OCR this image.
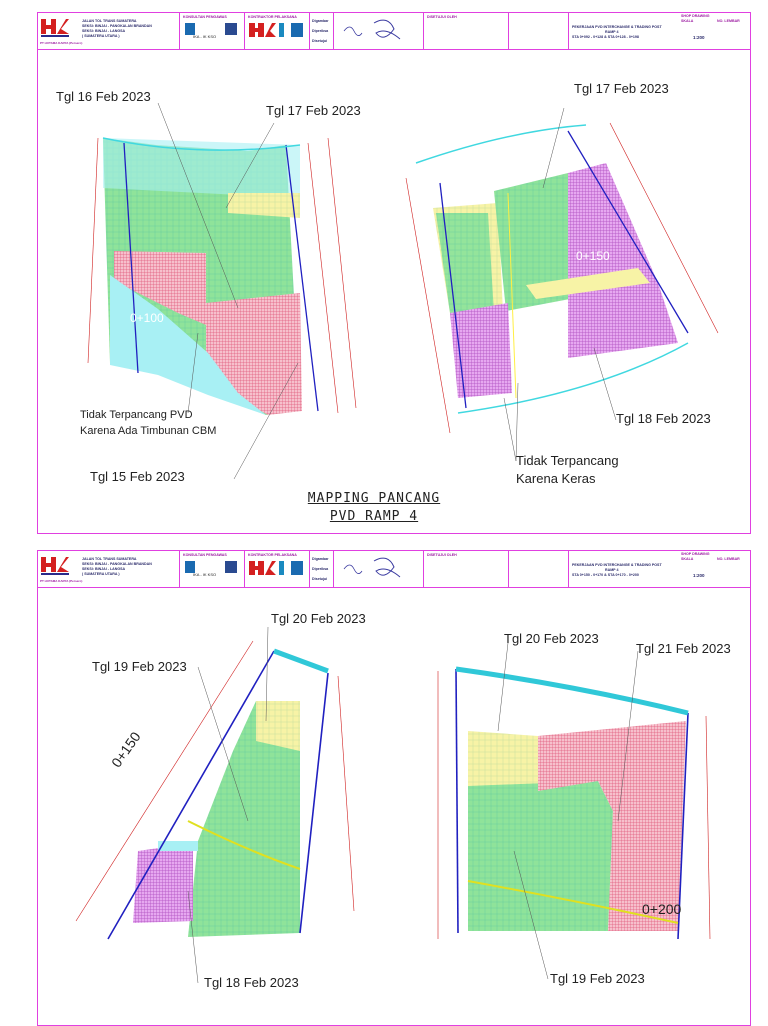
PT HUTAMA KARYA (Persero)
JALAN TOL TRANS SUMATERA
SEKSI: BINJAI - PANGKALAN BRANDAN
SEKSI: BINJAI - LANGSA
( SUMATERA UTARA )
KONSULTAN PENGAWAS
IKA - IK KSO
KONTRAKTOR PELAKSANA
Digambar
Diperiksa
Disetujui
DISETUJUI OLEH	SHOP DRAWING
PEKERJAAN PVD INTERCHANGE & TRADING POST
RAMP 4
STA 0+092 - 0+128 & STA 0+128 - 0+198
SKALA
1:200
NO. LEMBAR
Tgl 16 Feb 2023
Tgl 17 Feb 2023
Tgl 17 Feb 2023
Tgl 18 Feb 2023
Tgl 15 Feb 2023
Tidak Terpancang PVD
Karena Ada Timbunan CBM
Tidak Terpancang
Karena Keras
0+100
0+150
MAPPING PANCANG
PVD RAMP 4
PT HUTAMA KARYA (Persero)
JALAN TOL TRANS SUMATERA
SEKSI: BINJAI - PANGKALAN BRANDAN
SEKSI: BINJAI - LANGSA
( SUMATERA UTARA )
KONSULTAN PENGAWAS
IKA - IK KSO
KONTRAKTOR PELAKSANA
Digambar
Diperiksa
Disetujui
DISETUJUI OLEH	SHOP DRAWING
PEKERJAAN PVD INTERCHANGE & TRADING POST
RAMP 4
STA 0+150 - 0+170 & STA 0+170 - 0+200
SKALA
1:200
NO. LEMBAR
Tgl 20 Feb 2023
Tgl 19 Feb 2023
Tgl 20 Feb 2023
Tgl 21 Feb 2023
Tgl 18 Feb 2023	Tgl 19 Feb 2023
0+150
0+200
